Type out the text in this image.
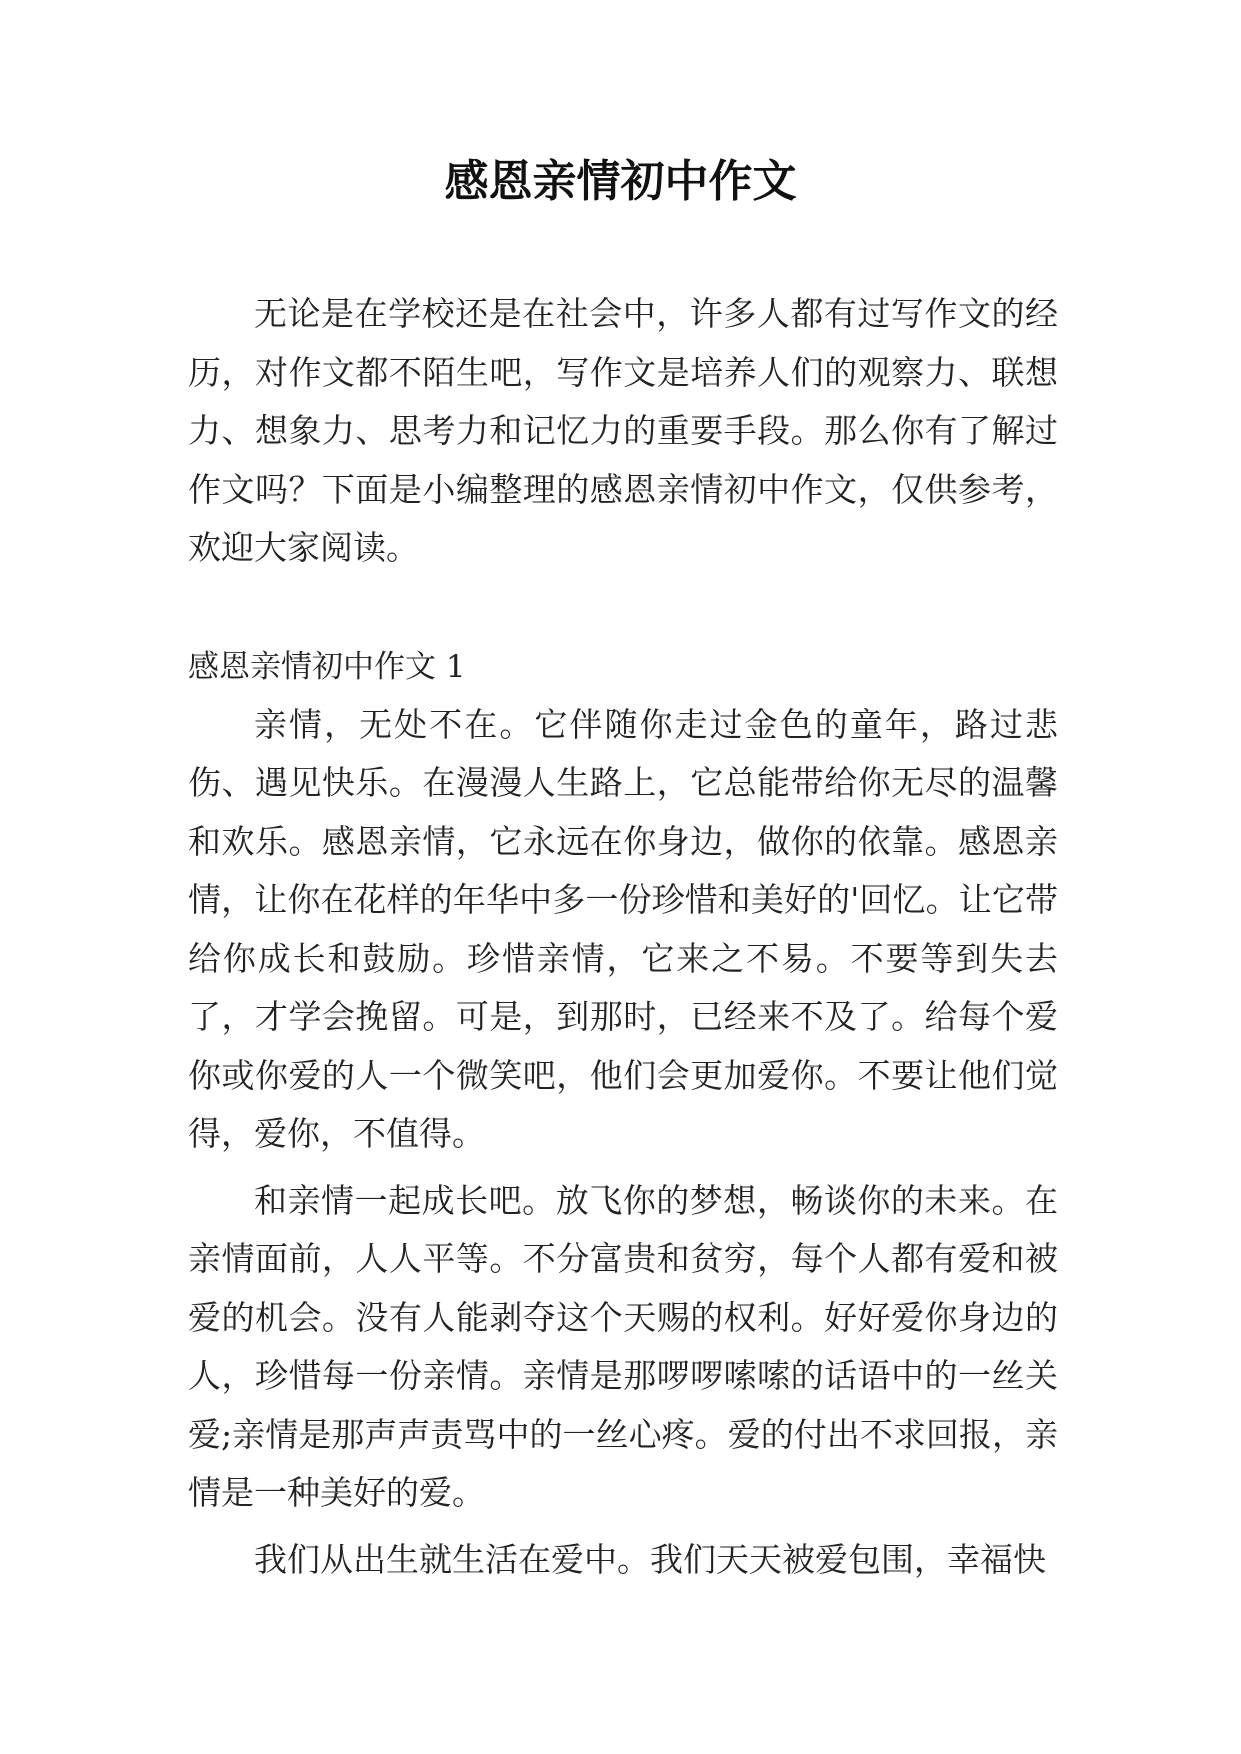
感恩亲情初中作文

无论是在学校还是在社会中，许多人都有过写作文的经历，对作文都不陌生吧，写作文是培养人们的观察力、联想力、想象力、思考力和记忆力的重要手段。那么你有了解过作文吗？下面是小编整理的感恩亲情初中作文，仅供参考，欢迎大家阅读。

感恩亲情初中作文 1

亲情，无处不在。它伴随你走过金色的童年，路过悲伤、遇见快乐。在漫漫人生路上，它总能带给你无尽的温馨和欢乐。感恩亲情，它永远在你身边，做你的依靠。感恩亲情，让你在花样的年华中多一份珍惜和美好的'回忆。让它带给你成长和鼓励。珍惜亲情，它来之不易。不要等到失去了，才学会挽留。可是，到那时，已经来不及了。给每个爱你或你爱的人一个微笑吧，他们会更加爱你。不要让他们觉得，爱你，不值得。

和亲情一起成长吧。放飞你的梦想，畅谈你的未来。在亲情面前，人人平等。不分富贵和贫穷，每个人都有爱和被爱的机会。没有人能剥夺这个天赐的权利。好好爱你身边的人，珍惜每一份亲情。亲情是那啰啰嗦嗦的话语中的一丝关爱;亲情是那声声责骂中的一丝心疼。爱的付出不求回报，亲情是一种美好的爱。

我们从出生就生活在爱中。我们天天被爱包围，幸福快
